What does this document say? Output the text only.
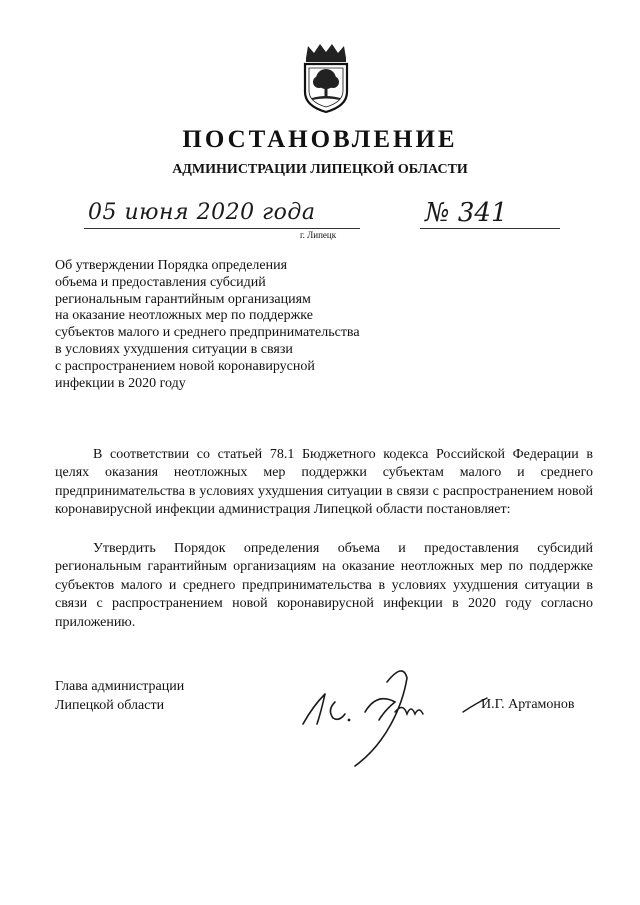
ПОСТАНОВЛЕНИЕ
АДМИНИСТРАЦИИ ЛИПЕЦКОЙ ОБЛАСТИ
05 июня 2020 года
г. Липецк
№ 341
Об утверждении Порядка определения
объема и предоставления субсидий
региональным гарантийным организациям
на оказание неотложных мер по поддержке
субъектов малого и среднего предпринимательства
в условиях ухудшения ситуации в связи
с распространением новой коронавирусной
инфекции в 2020 году

В соответствии со статьей 78.1 Бюджетного кодекса Российской Федерации в целях оказания неотложных мер поддержки субъектам малого и среднего предпринимательства в условиях ухудшения ситуации в связи с распространением новой коронавирусной инфекции администрация Липецкой области постановляет:

Утвердить Порядок определения объема и предоставления субсидий региональным гарантийным организациям на оказание неотложных мер по поддержке субъектов малого и среднего предпринимательства в условиях ухудшения ситуации в связи с распространением новой коронавирусной инфекции в 2020 году согласно приложению.

Глава администрации
Липецкой области	И.Г. Артамонов
